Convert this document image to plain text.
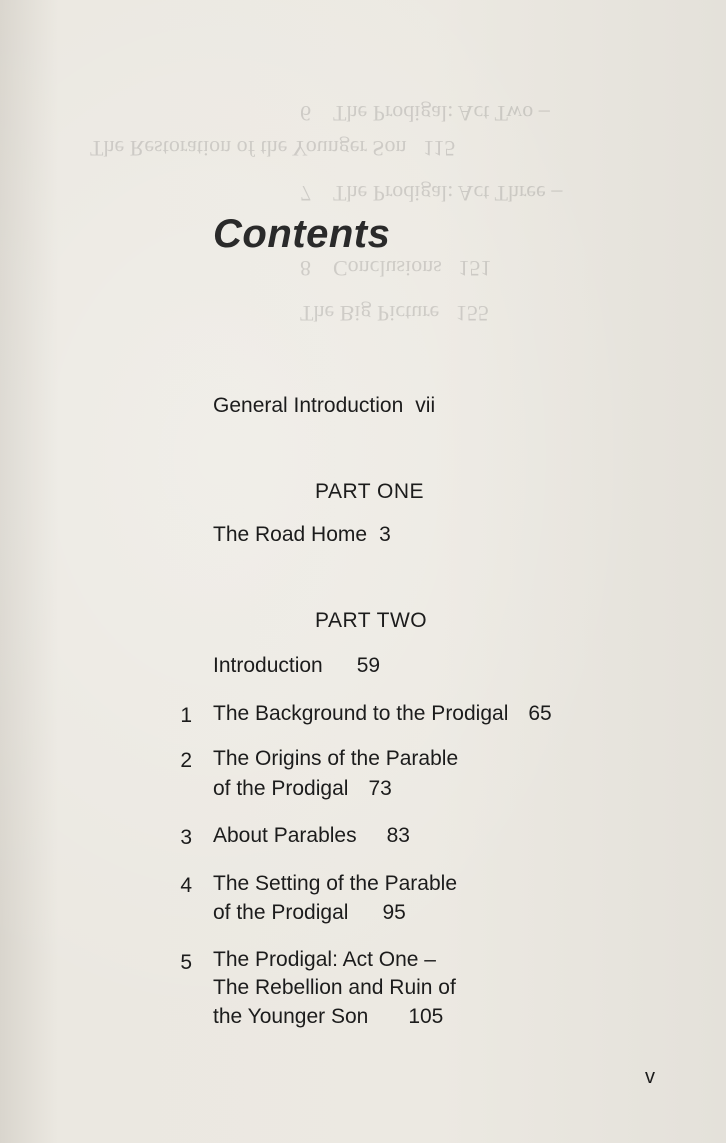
6    The Prodigal: Act Two –
The Restoration of the Younger Son   115
7    The Prodigal: Act Three –
8    Conclusions   151
The Big Picture   155
Contents
General Introduction vii
PART ONE
The Road Home 3
PART TWO
Introduction 59
1 The Background to the Prodigal 65
2 The Origins of the Parable
of the Prodigal 73
3 About Parables 83
4 The Setting of the Parable
of the Prodigal 95
5 The Prodigal: Act One –
The Rebellion and Ruin of
the Younger Son 105
v
